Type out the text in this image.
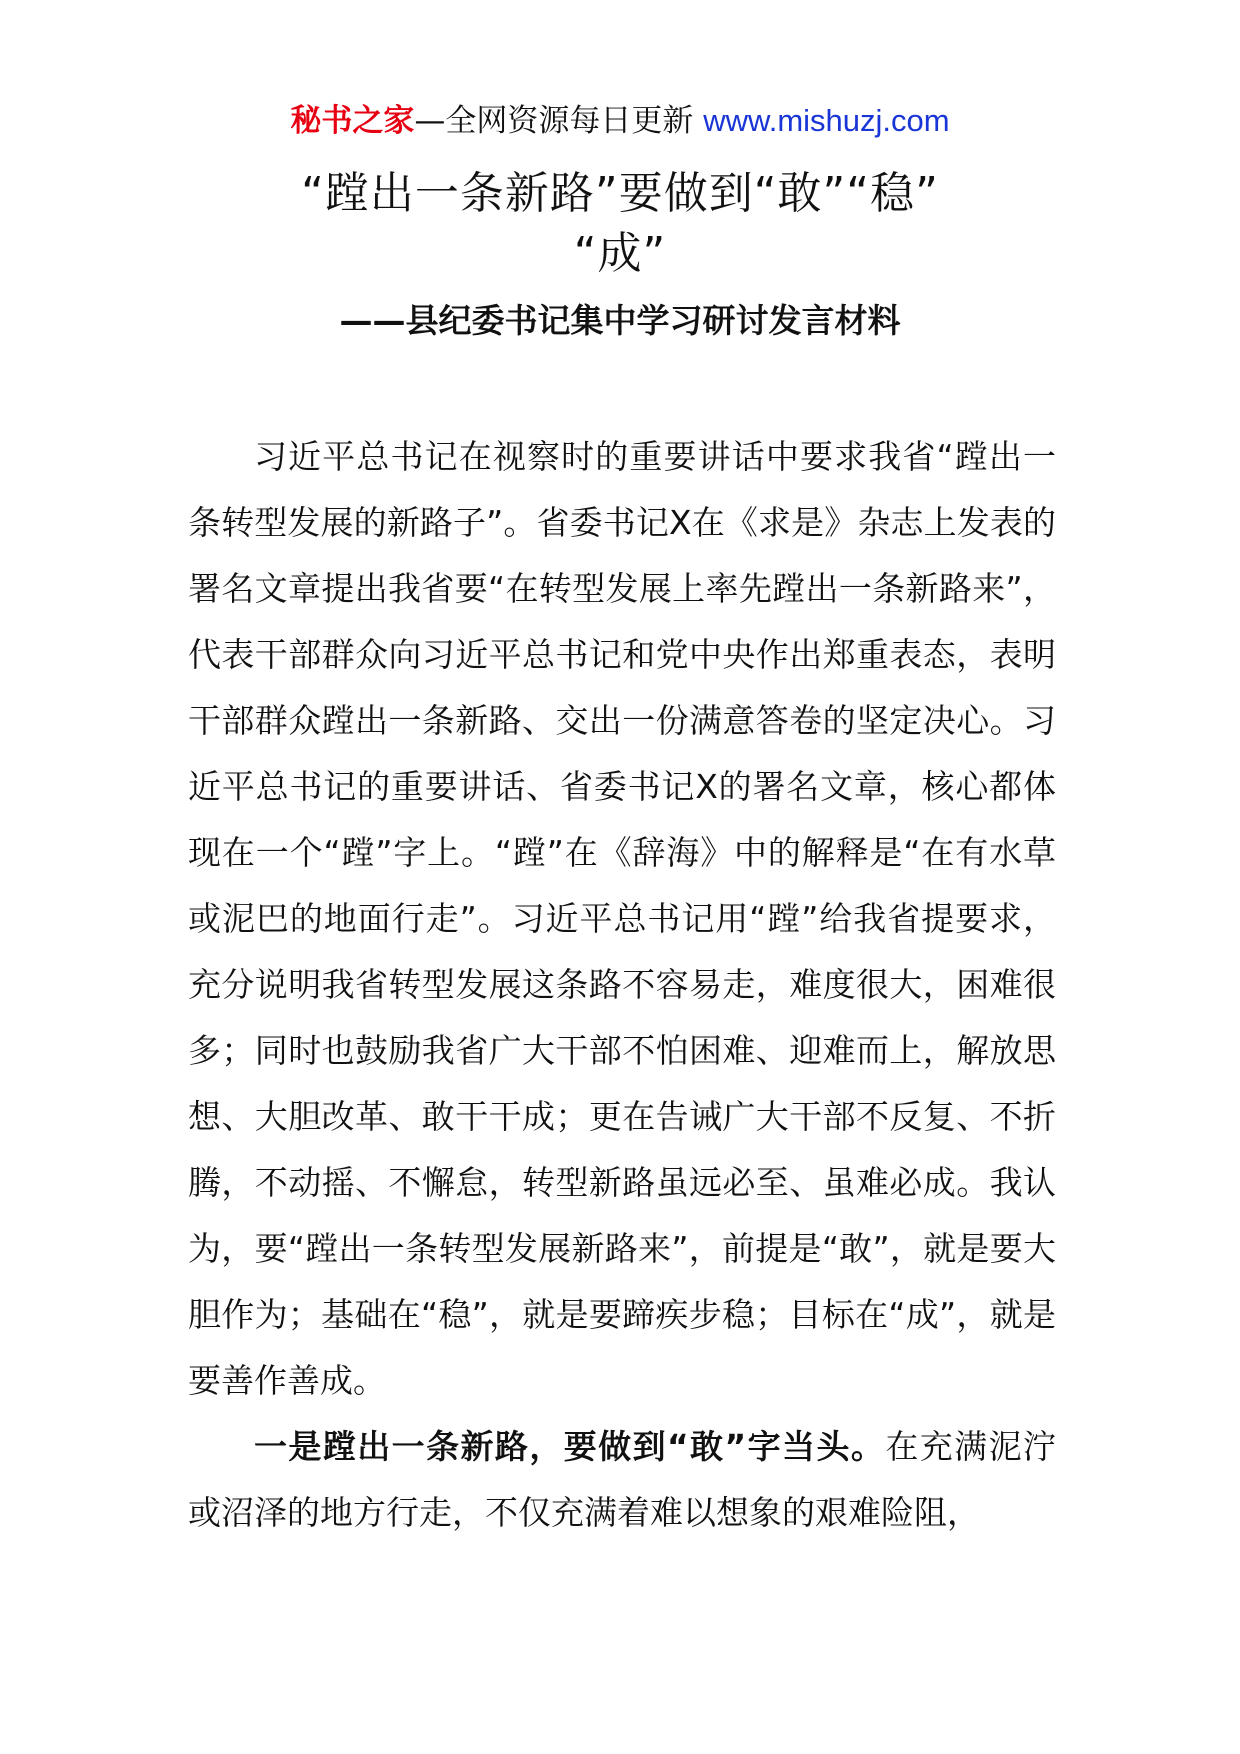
秘书之家—全网资源每日更新 www.mishuzj.com
“蹚出一条新路”要做到“敢”“稳”
“成”
——县纪委书记集中学习研讨发言材料

习近平总书记在视察时的重要讲话中要求我省“蹚出一条转型发展的新路子”。省委书记X在《求是》杂志上发表的署名文章提出我省要“在转型发展上率先蹚出一条新路来”，代表干部群众向习近平总书记和党中央作出郑重表态，表明干部群众蹚出一条新路、交出一份满意答卷的坚定决心。习近平总书记的重要讲话、省委书记X的署名文章，核心都体现在一个“蹚”字上。“蹚”在《辞海》中的解释是“在有水草或泥巴的地面行走”。习近平总书记用“蹚”给我省提要求，充分说明我省转型发展这条路不容易走，难度很大，困难很多；同时也鼓励我省广大干部不怕困难、迎难而上，解放思想、大胆改革、敢干干成；更在告诫广大干部不反复、不折腾，不动摇、不懈怠，转型新路虽远必至、虽难必成。我认为，要“蹚出一条转型发展新路来”，前提是“敢”，就是要大胆作为；基础在“稳”，就是要蹄疾步稳；目标在“成”，就是要善作善成。

一是蹚出一条新路，要做到“敢”字当头。在充满泥泞或沼泽的地方行走，不仅充满着难以想象的艰难险阻，
